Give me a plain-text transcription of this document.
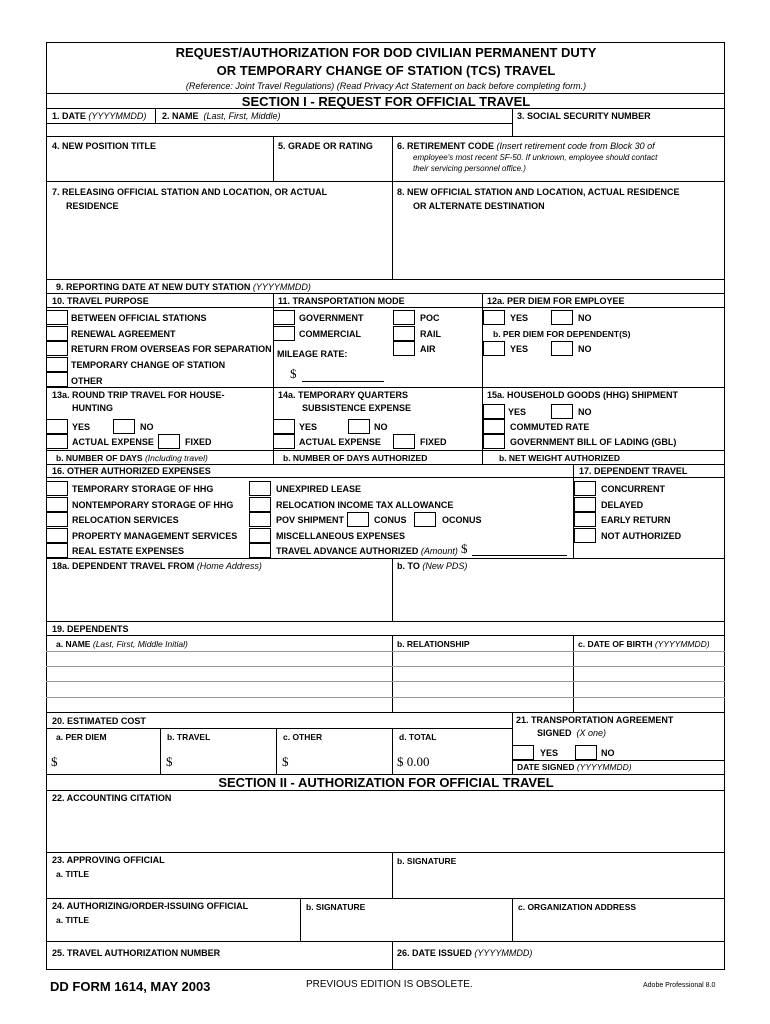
REQUEST/AUTHORIZATION FOR DOD CIVILIAN PERMANENT DUTY
OR TEMPORARY CHANGE OF STATION (TCS) TRAVEL
(Reference: Joint Travel Regulations) (Read Privacy Act Statement on back before completing form.)
SECTION I - REQUEST FOR OFFICIAL TRAVEL
1. DATE (YYYYMMDD) 2. NAME (Last, First, Middle)	3. SOCIAL SECURITY NUMBER
4. NEW POSITION TITLE	5. GRADE OR RATING	6. RETIREMENT CODE (Insert retirement code from Block 30 of
employee's most recent SF-50. If unknown, employee should contact
their servicing personnel office.)
7. RELEASING OFFICIAL STATION AND LOCATION, OR ACTUAL
RESIDENCE
8. NEW OFFICIAL STATION AND LOCATION, ACTUAL RESIDENCE
OR ALTERNATE DESTINATION
9. REPORTING DATE AT NEW DUTY STATION (YYYYMMDD)
10. TRAVEL PURPOSE	11. TRANSPORTATION MODE	12a. PER DIEM FOR EMPLOYEE
BETWEEN OFFICIAL STATIONS
RENEWAL AGREEMENT
RETURN FROM OVERSEAS FOR SEPARATION
TEMPORARY CHANGE OF STATION
OTHER
GOVERNMENT
COMMERCIAL
POC
RAIL
AIR
MILEAGE RATE:
$
YES	NO
b. PER DIEM FOR DEPENDENT(S)
YES	NO
13a. ROUND TRIP TRAVEL FOR HOUSE-
HUNTING
14a. TEMPORARY QUARTERS
SUBSISTENCE EXPENSE
15a. HOUSEHOLD GOODS (HHG) SHIPMENT
YES	NO
ACTUAL EXPENSE	FIXED
YES	NO
ACTUAL EXPENSE	FIXED
YES	NO
COMMUTED RATE
GOVERNMENT BILL OF LADING (GBL)
b. NUMBER OF DAYS (Including travel)	b. NUMBER OF DAYS AUTHORIZED	b. NET WEIGHT AUTHORIZED
16. OTHER AUTHORIZED EXPENSES	17. DEPENDENT TRAVEL
TEMPORARY STORAGE OF HHG
NONTEMPORARY STORAGE OF HHG
RELOCATION SERVICES
PROPERTY MANAGEMENT SERVICES
REAL ESTATE EXPENSES
UNEXPIRED LEASE
RELOCATION INCOME TAX ALLOWANCE
POV SHIPMENT	CONUS	OCONUS
MISCELLANEOUS EXPENSES
TRAVEL ADVANCE AUTHORIZED (Amount) $
CONCURRENT
DELAYED
EARLY RETURN
NOT AUTHORIZED
18a. DEPENDENT TRAVEL FROM (Home Address)	b. TO (New PDS)
19. DEPENDENTS
a. NAME (Last, First, Middle Initial)	b. RELATIONSHIP	c. DATE OF BIRTH (YYYYMMDD)
20. ESTIMATED COST	21. TRANSPORTATION AGREEMENT
SIGNED (X one)
a. PER DIEM	b. TRAVEL	c. OTHER	d. TOTAL
$	$	$	$ 0.00
YES	NO
DATE SIGNED (YYYYMMDD)
SECTION II - AUTHORIZATION FOR OFFICIAL TRAVEL
22. ACCOUNTING CITATION
23. APPROVING OFFICIAL
a. TITLE
b. SIGNATURE
24. AUTHORIZING/ORDER-ISSUING OFFICIAL
a. TITLE
b. SIGNATURE	c. ORGANIZATION ADDRESS
25. TRAVEL AUTHORIZATION NUMBER	26. DATE ISSUED (YYYYMMDD)
DD FORM 1614, MAY 2003	PREVIOUS EDITION IS OBSOLETE.	Adobe Professional 8.0
